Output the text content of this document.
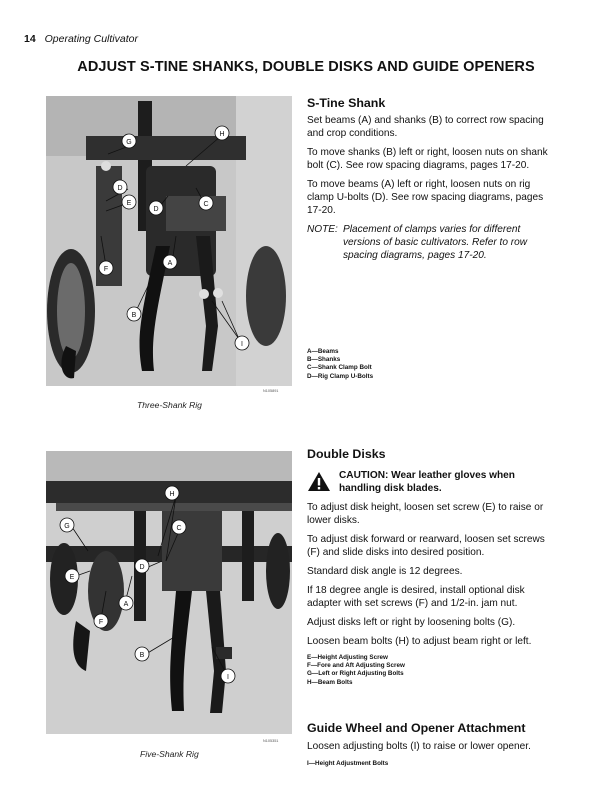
14 Operating Cultivator
ADJUST S-TINE SHANKS, DOUBLE DISKS AND GUIDE OPENERS
G
H
D
E
D
C
F
A
B
I
N105891
Three-Shank Rig
G
H
C
D
E
A
F
B
I
N105351
Five-Shank Rig
S-Tine Shank

Set beams (A) and shanks (B) to correct row spacing and crop conditions.

To move shanks (B) left or right, loosen nuts on shank bolt (C). See row spacing diagrams, pages 17-20.

To move beams (A) left or right, loosen nuts on rig clamp U-bolts (D). See row spacing diagrams, pages 17-20.

NOTE: Placement of clamps varies for different versions of basic cultivators. Refer to row spacing diagrams, pages 17-20.
A—Beams
B—Shanks
C—Shank Clamp Bolt
D—Rig Clamp U-Bolts
Double Disks
CAUTION: Wear leather gloves when handling disk blades.

To adjust disk height, loosen set screw (E) to raise or lower disks.

To adjust disk forward or rearward, loosen set screws (F) and slide disks into desired position.

Standard disk angle is 12 degrees.

If 18 degree angle is desired, install optional disk adapter with set screws (F) and 1/2-in. jam nut.

Adjust disks left or right by loosening bolts (G).

Loosen beam bolts (H) to adjust beam right or left.

E—Height Adjusting Screw
F—Fore and Aft Adjusting Screw
G—Left or Right Adjusting Bolts
H—Beam Bolts
Guide Wheel and Opener Attachment

Loosen adjusting bolts (I) to raise or lower opener.

I—Height Adjustment Bolts
